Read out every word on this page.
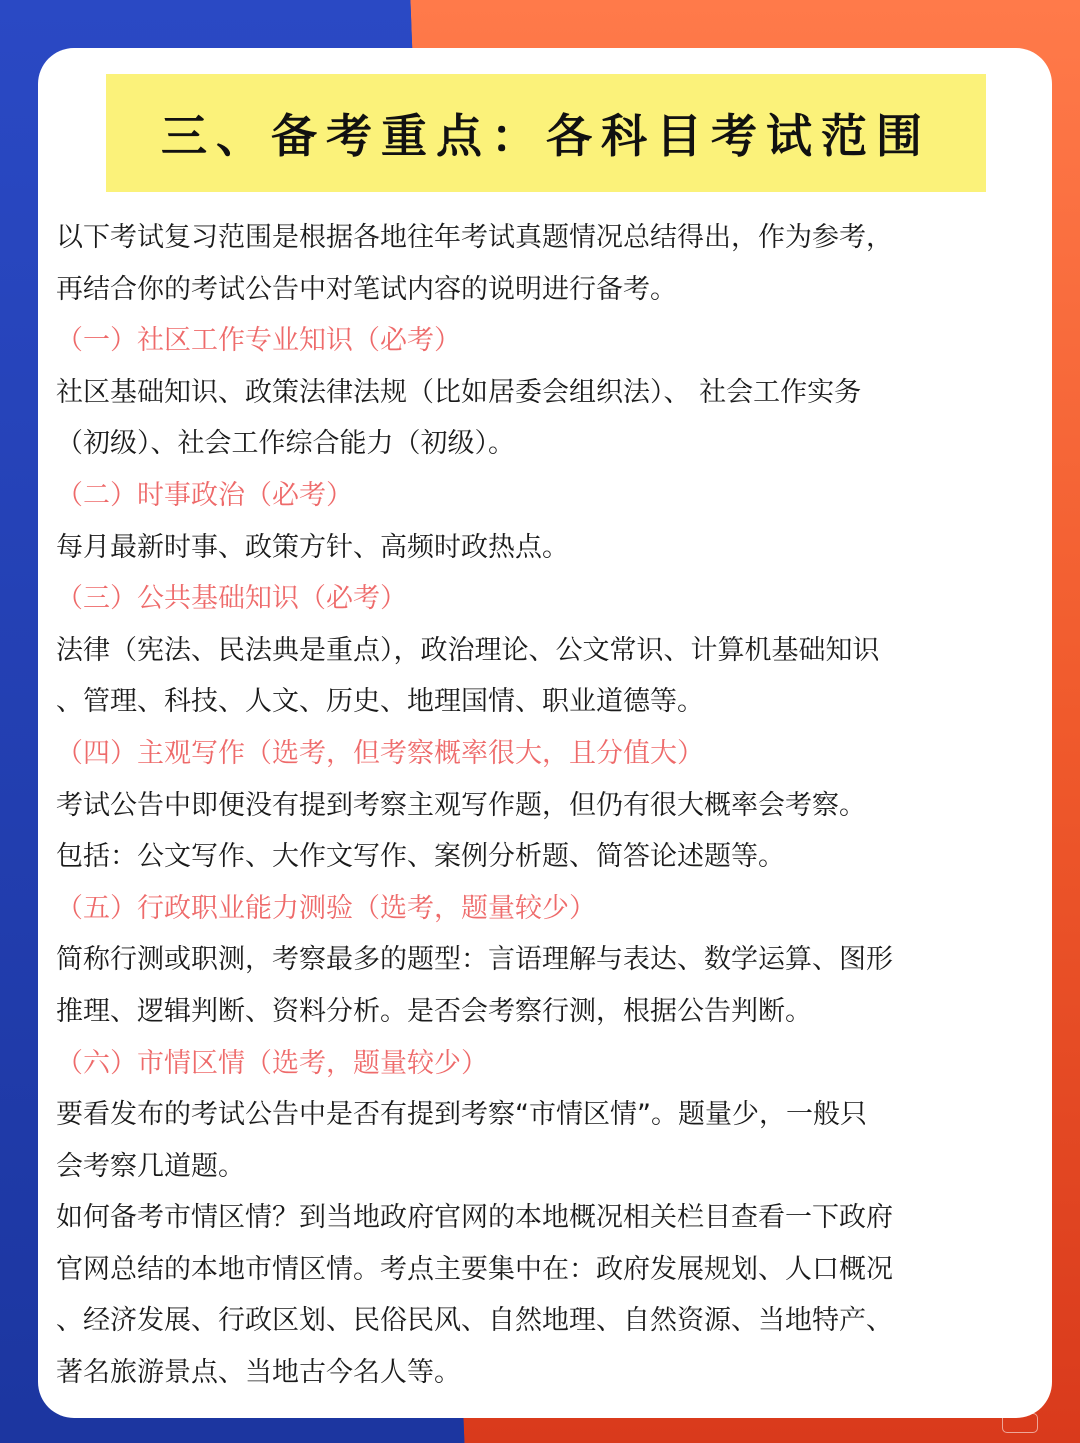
三、备考重点：各科目考试范围
以下考试复习范围是根据各地往年考试真题情况总结得出，作为参考，
再结合你的考试公告中对笔试内容的说明进行备考。
（一）社区工作专业知识（必考）
社区基础知识、政策法律法规（比如居委会组织法）、 社会工作实务
（初级）、社会工作综合能力（初级）。
（二）时事政治（必考）
每月最新时事、政策方针、高频时政热点。
（三）公共基础知识（必考）
法律（宪法、民法典是重点），政治理论、公文常识、计算机基础知识
、管理、科技、人文、历史、地理国情、职业道德等。
（四）主观写作（选考，但考察概率很大，且分值大）
考试公告中即便没有提到考察主观写作题，但仍有很大概率会考察。
包括：公文写作、大作文写作、案例分析题、简答论述题等。
（五）行政职业能力测验（选考，题量较少）
简称行测或职测，考察最多的题型：言语理解与表达、数学运算、图形
推理、逻辑判断、资料分析。是否会考察行测，根据公告判断。
（六）市情区情（选考，题量较少）
要看发布的考试公告中是否有提到考察“市情区情”。题量少，一般只
会考察几道题。
如何备考市情区情？到当地政府官网的本地概况相关栏目查看一下政府
官网总结的本地市情区情。考点主要集中在：政府发展规划、人口概况
、经济发展、行政区划、民俗民风、自然地理、自然资源、当地特产、
著名旅游景点、当地古今名人等。
